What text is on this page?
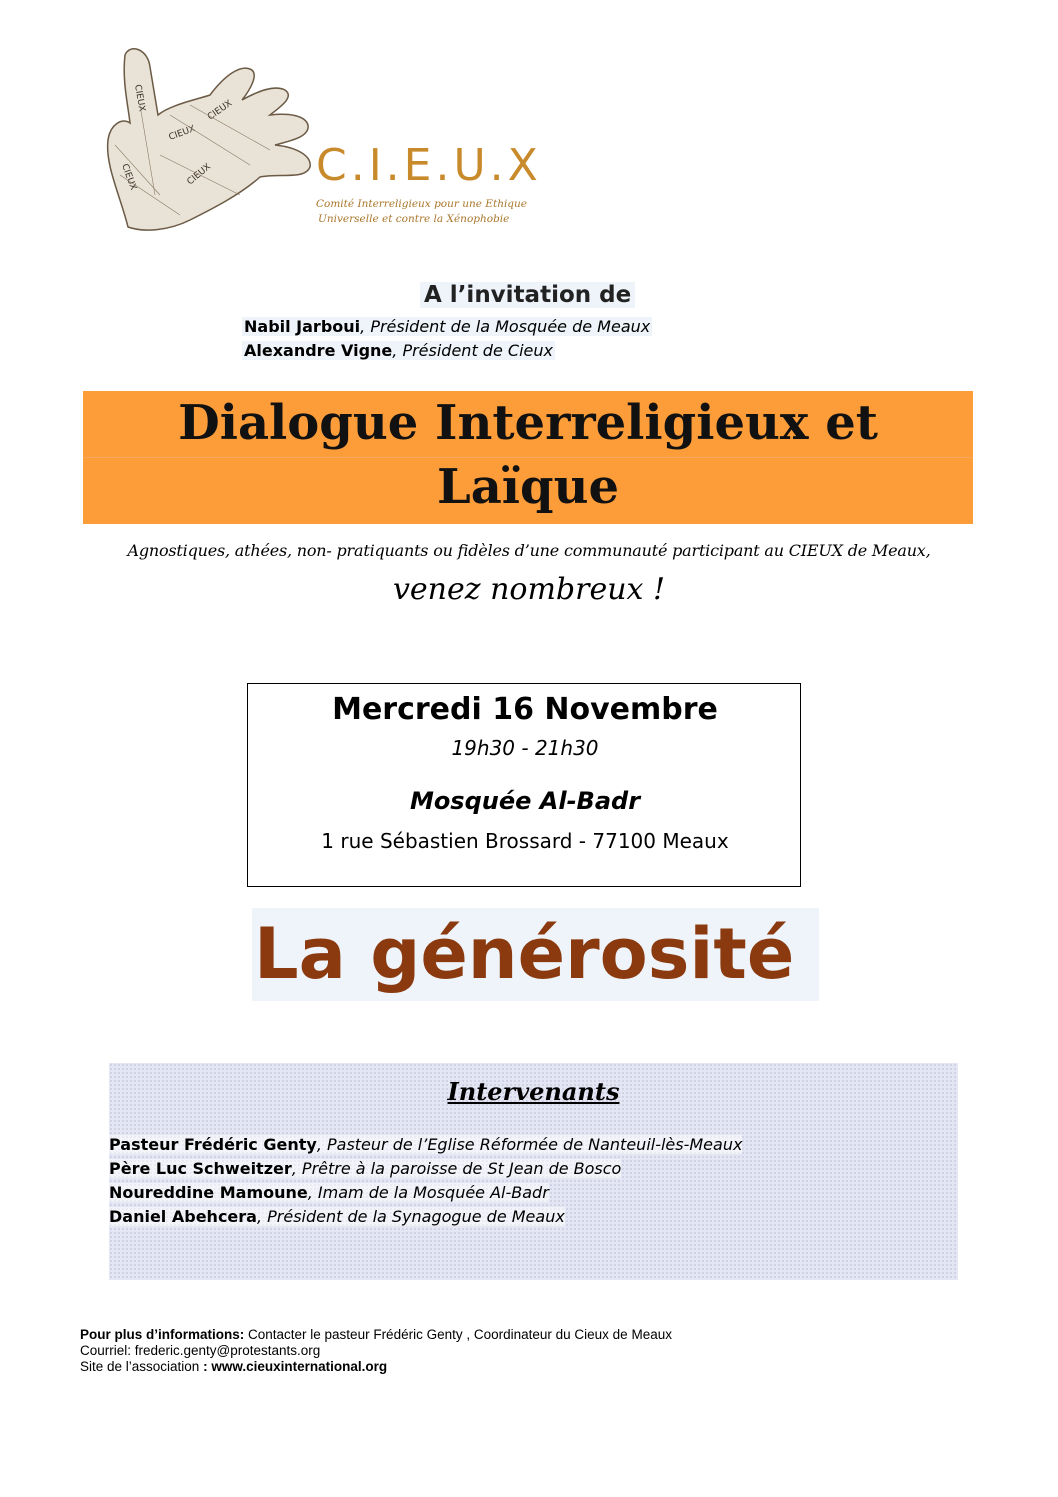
CIEUX
CIEUX
CIEUX
CIEUX
CIEUX C.I.E.U.X
Comité Interreligieux pour une Ethique
Universelle et contre la Xénophobie
A l’invitation de
Nabil Jarboui, Président de la Mosquée de Meaux
Alexandre Vigne, Président de Cieux
Dialogue Interreligieux et
Laïque
Agnostiques, athées, non- pratiquants ou fidèles d’une communauté participant au CIEUX de Meaux,
venez nombreux !
Mercredi 16 Novembre
19h30 - 21h30
Mosquée Al-Badr
1 rue Sébastien Brossard - 77100 Meaux
La générosité
Intervenants
Pasteur Frédéric Genty, Pasteur de l’Eglise Réformée de Nanteuil-lès-Meaux
Père Luc Schweitzer, Prêtre à la paroisse de St Jean de Bosco
Noureddine Mamoune, Imam de la Mosquée Al-Badr
Daniel Abehcera, Président de la Synagogue de Meaux
Pour plus d’informations: Contacter le pasteur Frédéric Genty , Coordinateur du Cieux de Meaux
Courriel: frederic.genty@protestants.org
Site de l’association : www.cieuxinternational.org
